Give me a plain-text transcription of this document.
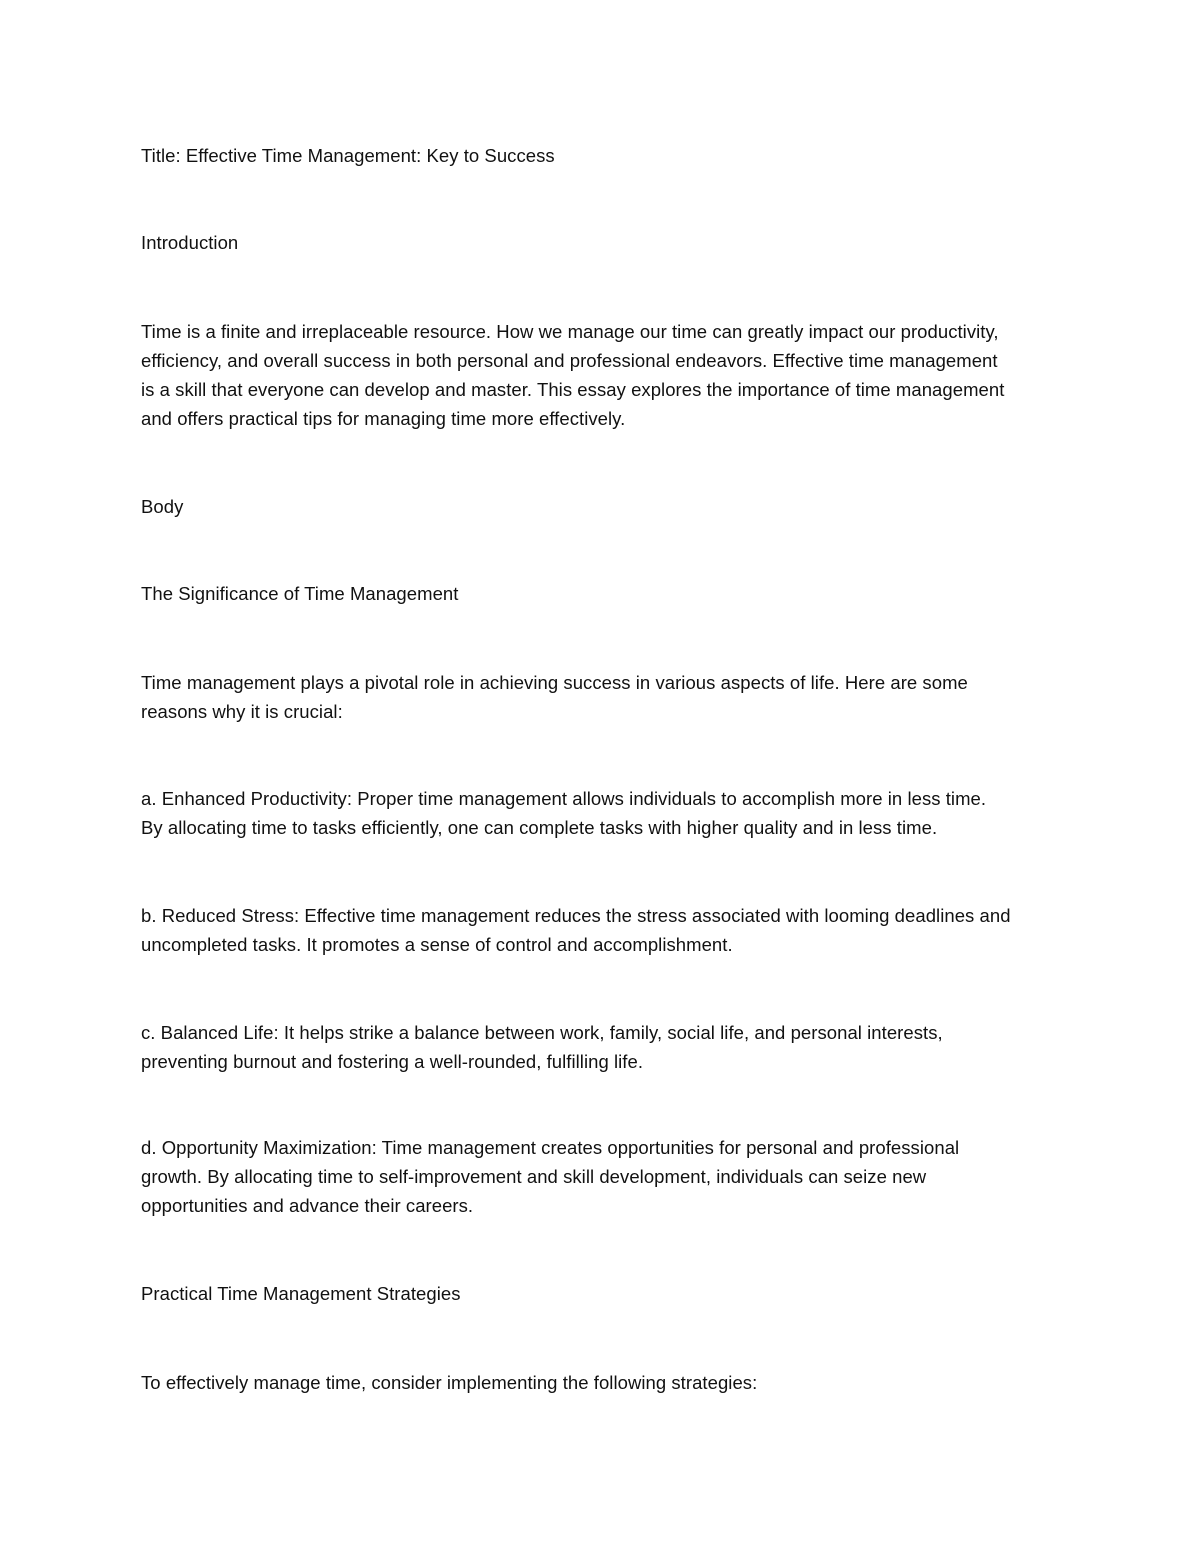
Title: Effective Time Management: Key to Success

Introduction

Time is a finite and irreplaceable resource. How we manage our time can greatly impact our productivity,
efficiency, and overall success in both personal and professional endeavors. Effective time management
is a skill that everyone can develop and master. This essay explores the importance of time management
and offers practical tips for managing time more effectively.

Body

The Significance of Time Management

Time management plays a pivotal role in achieving success in various aspects of life. Here are some
reasons why it is crucial:

a. Enhanced Productivity: Proper time management allows individuals to accomplish more in less time.
By allocating time to tasks efficiently, one can complete tasks with higher quality and in less time.

b. Reduced Stress: Effective time management reduces the stress associated with looming deadlines and
uncompleted tasks. It promotes a sense of control and accomplishment.

c. Balanced Life: It helps strike a balance between work, family, social life, and personal interests,
preventing burnout and fostering a well-rounded, fulfilling life.

d. Opportunity Maximization: Time management creates opportunities for personal and professional
growth. By allocating time to self-improvement and skill development, individuals can seize new
opportunities and advance their careers.

Practical Time Management Strategies

To effectively manage time, consider implementing the following strategies:
